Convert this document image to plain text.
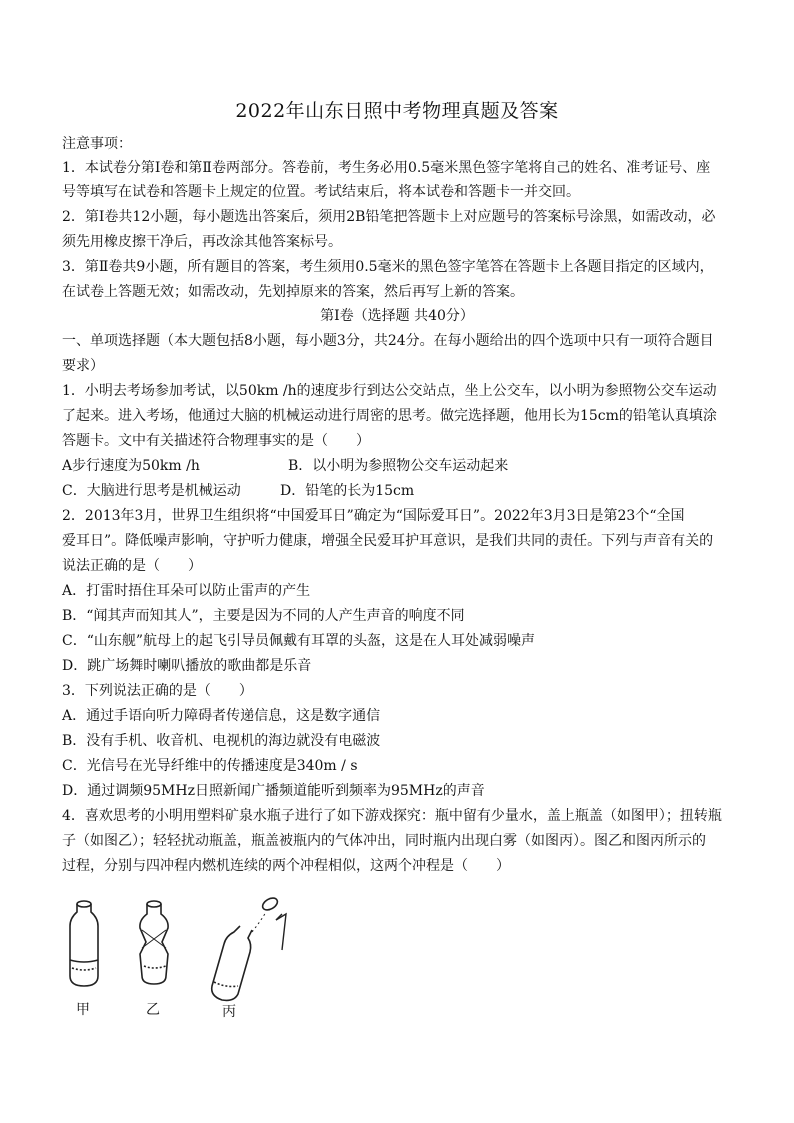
2022年山东日照中考物理真题及答案
注意事项：
1．本试卷分第Ⅰ卷和第Ⅱ卷两部分。答卷前，考生务必用0.5毫米黑色签字笔将自己的姓名、准考证号、座
号等填写在试卷和答题卡上规定的位置。考试结束后，将本试卷和答题卡一并交回。
2．第Ⅰ卷共12小题，每小题选出答案后，须用2B铅笔把答题卡上对应题号的答案标号涂黑，如需改动，必
须先用橡皮擦干净后，再改涂其他答案标号。
3．第Ⅱ卷共9小题，所有题目的答案，考生须用0.5毫米的黑色签字笔答在答题卡上各题目指定的区域内，
在试卷上答题无效；如需改动，先划掉原来的答案，然后再写上新的答案。
第Ⅰ卷（选择题 共40分）
一、单项选择题（本大题包括8小题，每小题3分，共24分。在每小题给出的四个选项中只有一项符合题目
要求）
1．小明去考场参加考试，以50km /h的速度步行到达公交站点，坐上公交车，以小明为参照物公交车运动
了起来。进入考场，他通过大脑的机械运动进行周密的思考。做完选择题，他用长为15cm的铅笔认真填涂
答题卡。文中有关描述符合物理事实的是（　　）
A步行速度为50km /h	B．以小明为参照物公交车运动起来
C．大脑进行思考是机械运动	D．铅笔的长为15cm
2．2013年3月，世界卫生组织将“中国爱耳日”确定为“国际爱耳日”。2022年3月3日是第23个“全国
爱耳日”。降低噪声影响，守护听力健康，增强全民爱耳护耳意识，是我们共同的责任。下列与声音有关的
说法正确的是（　　）
A．打雷时捂住耳朵可以防止雷声的产生
B．“闻其声而知其人”，主要是因为不同的人产生声音的响度不同
C．“山东舰”航母上的起飞引导员佩戴有耳罩的头盔，这是在人耳处减弱噪声
D．跳广场舞时喇叭播放的歌曲都是乐音
3．下列说法正确的是（　　）
A．通过手语向听力障碍者传递信息，这是数字通信
B．没有手机、收音机、电视机的海边就没有电磁波
C．光信号在光导纤维中的传播速度是340m / s
D．通过调频95MHz日照新闻广播频道能听到频率为95MHz的声音
4．喜欢思考的小明用塑料矿泉水瓶子进行了如下游戏探究：瓶中留有少量水，盖上瓶盖（如图甲）；扭转瓶
子（如图乙）；轻轻扰动瓶盖，瓶盖被瓶内的气体冲出，同时瓶内出现白雾（如图丙）。图乙和图丙所示的
过程，分别与四冲程内燃机连续的两个冲程相似，这两个冲程是（　　）
甲	乙	丙
